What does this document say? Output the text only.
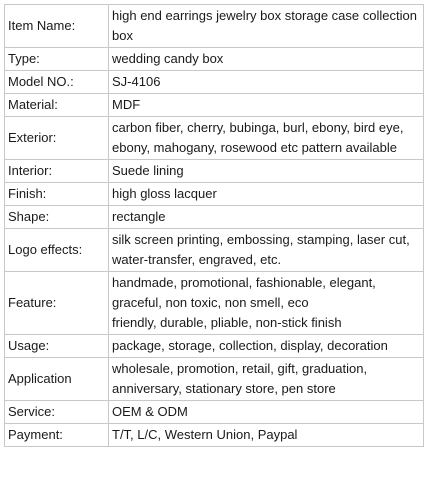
Item Name:	high end earrings jewelry box storage case collection box
Type:	wedding candy box
Model NO.:	SJ-4106
Material:	MDF
Exterior:	carbon fiber, cherry, bubinga, burl, ebony, bird eye, ebony, mahogany, rosewood etc pattern available
Interior:	Suede lining
Finish:	high gloss lacquer
Shape:	rectangle
Logo effects:	silk screen printing, embossing, stamping, laser cut, water-transfer, engraved, etc.
Feature:	handmade, promotional, fashionable, elegant, graceful, non toxic, non smell, eco
friendly, durable, pliable, non-stick finish
Usage:	package, storage, collection, display, decoration
Application	wholesale, promotion, retail, gift, graduation, anniversary, stationary store, pen store
Service:	OEM & ODM
Payment:	T/T, L/C, Western Union, Paypal
